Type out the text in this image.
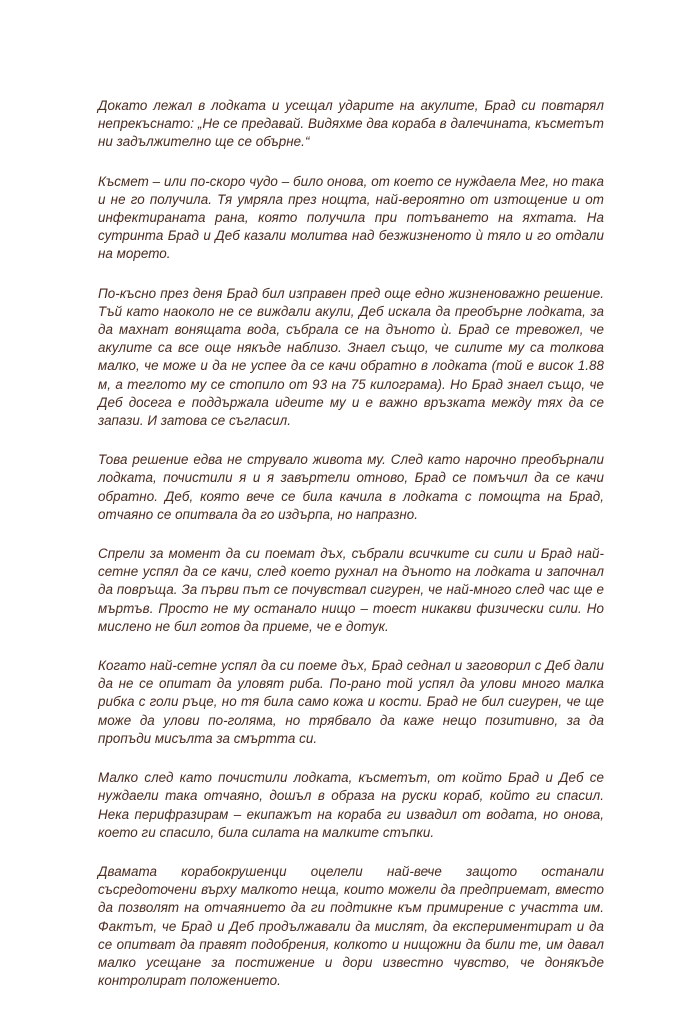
Докато лежал в лодката и усещал ударите на акулите, Брад си повтарял непрекъснато: „Не се предавай. Видяхме два кораба в далечината, късметът ни задължително ще се обърне.“

Късмет – или по-скоро чудо – било онова, от което се нуждаела Мег, но така и не го получила. Тя умряла през нощта, най-вероятно от изтощение и от инфектираната рана, която получила при потъването на яхтата. На сутринта Брад и Деб казали молитва над безжизненото ѝ тяло и го отдали на морето.

По-късно през деня Брад бил изправен пред още едно жизненоважно решение. Тъй като наоколо не се виждали акули, Деб искала да преобърне лодката, за да махнат вонящата вода, събрала се на дъното ѝ. Брад се тревожел, че акулите са все още някъде наблизо. Знаел също, че силите му са толкова малко, че може и да не успее да се качи обратно в лодката (той е висок 1.88 м, а теглото му се стопило от 93 на 75 килограма). Но Брад знаел също, че Деб досега е поддържала идеите му и е важно връзката между тях да се запази. И затова се съгласил.

Това решение едва не струвало живота му. След като нарочно преобърнали лодката, почистили я и я завъртели отново, Брад се помъчил да се качи обратно. Деб, която вече се била качила в лодката с помощта на Брад, отчаяно се опитвала да го издърпа, но напразно.

Спрели за момент да си поемат дъх, събрали всичките си сили и Брад най-сетне успял да се качи, след което рухнал на дъното на лодката и започнал да повръща. За първи път се почувствал сигурен, че най-много след час ще е мъртъв. Просто не му останало нищо – тоест никакви физически сили. Но мислено не бил готов да приеме, че е дотук.

Когато най-сетне успял да си поеме дъх, Брад седнал и заговорил с Деб дали да не се опитат да уловят риба. По-рано той успял да улови много малка рибка с голи ръце, но тя била само кожа и кости. Брад не бил сигурен, че ще може да улови по-голяма, но трябвало да каже нещо позитивно, за да пропъди мисълта за смъртта си.

Малко след като почистили лодката, късметът, от който Брад и Деб се нуждаели така отчаяно, дошъл в образа на руски кораб, който ги спасил. Нека перифразирам – екипажът на кораба ги извадил от водата, но онова, което ги спасило, била силата на малките стъпки.

Двамата корабокрушенци оцелели най-вече защото останали съсредоточени върху малкото неща, които можели да предприемат, вместо да позволят на отчаянието да ги подтикне към примирение с участта им. Фактът, че Брад и Деб продължавали да мислят, да експериментират и да се опитват да правят подобрения, колкото и нищожни да били те, им давал малко усещане за постижение и дори известно чувство, че донякъде контролират положението.
